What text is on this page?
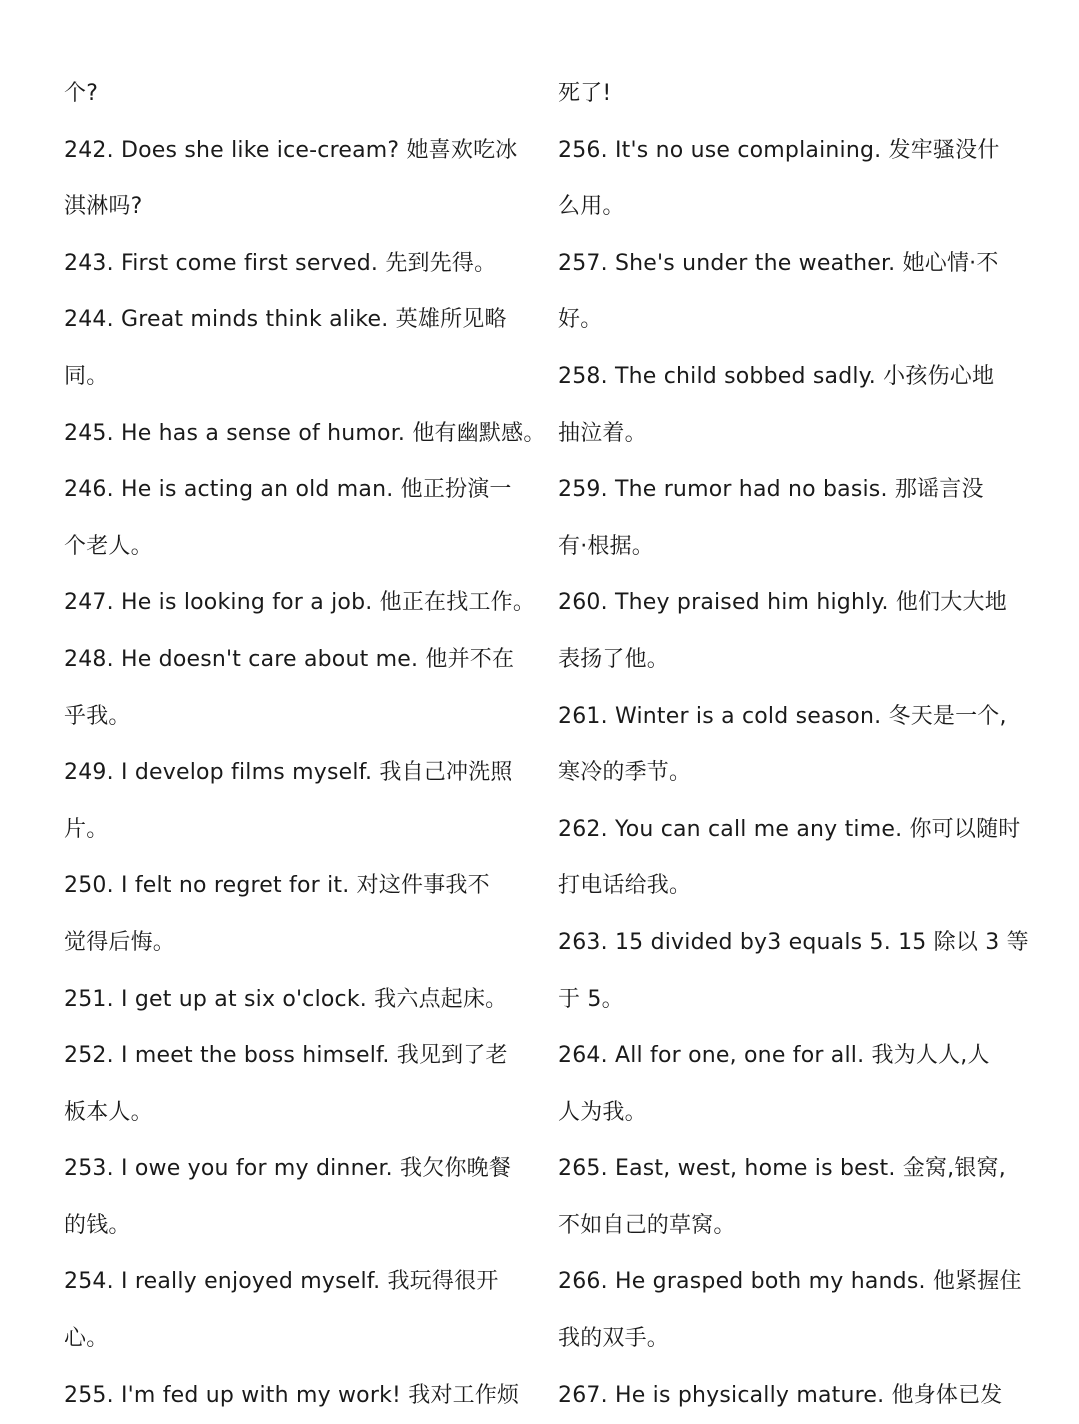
个?
242. Does she like ice-cream? 她喜欢吃冰
淇淋吗?
243. First come first served. 先到先得。
244. Great minds think alike. 英雄所见略
同。
245. He has a sense of humor. 他有幽默感。
246. He is acting an old man. 他正扮演一
个老人。
247. He is looking for a job. 他正在找工作。
248. He doesn't care about me. 他并不在
乎我。
249. I develop films myself. 我自己冲洗照
片。
250. I felt no regret for it. 对这件事我不
觉得后悔。
251. I get up at six o'clock. 我六点起床。
252. I meet the boss himself. 我见到了老
板本人。
253. I owe you for my dinner. 我欠你晚餐
的钱。
254. I really enjoyed myself. 我玩得很开
心。
255. I'm fed up with my work! 我对工作烦
死了!
256. It's no use complaining. 发牢骚没什
么用。
257. She's under the weather. 她心情·不
好。
258. The child sobbed sadly. 小孩伤心地
抽泣着。
259. The rumor had no basis. 那谣言没
有·根据。
260. They praised him highly. 他们大大地
表扬了他。
261. Winter is a cold season. 冬天是一个,
寒冷的季节。
262. You can call me any time. 你可以随时
打电话给我。
263. 15 divided by3 equals 5. 15 除以 3 等
于 5。
264. All for one, one for all. 我为人人,人
人为我。
265. East, west, home is best. 金窝,银窝,
不如自己的草窝。
266. He grasped both my hands. 他紧握住
我的双手。
267. He is physically mature. 他身体已发
